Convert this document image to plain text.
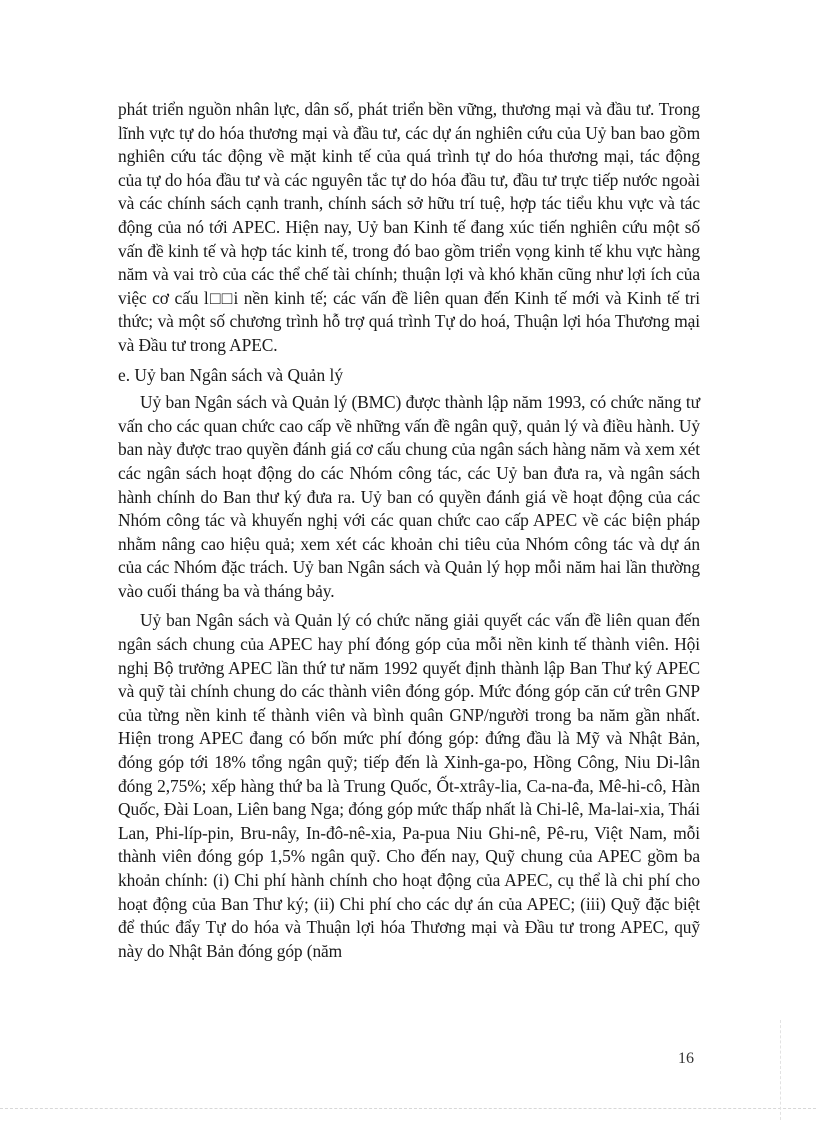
phát triển nguồn nhân lực, dân số, phát triển bền vững, thương mại và đầu tư. Trong lĩnh vực tự do hóa thương mại và đầu tư, các dự án nghiên cứu của Uỷ ban bao gồm nghiên cứu tác động về mặt kinh tế của quá trình tự do hóa thương mại, tác động của tự do hóa đầu tư và các nguyên tắc tự do hóa đầu tư, đầu tư trực tiếp nước ngoài và các chính sách cạnh tranh, chính sách sở hữu trí tuệ, hợp tác tiểu khu vực và tác động của nó tới APEC. Hiện nay, Uỷ ban Kinh tế đang xúc tiến nghiên cứu một số vấn đề kinh tế và hợp tác kinh tế, trong đó bao gồm triển vọng kinh tế khu vực hàng năm và vai trò của các thể chế tài chính; thuận lợi và khó khăn cũng như lợi ích của việc cơ cấu l□□i nền kinh tế; các vấn đề liên quan đến Kinh tế mới và Kinh tế tri thức; và một số chương trình hỗ trợ quá trình Tự do hoá, Thuận lợi hóa Thương mại và Đầu tư trong APEC.

e. Uỷ ban Ngân sách và Quản lý

Uỷ ban Ngân sách và Quản lý (BMC) được thành lập năm 1993, có chức năng tư vấn cho các quan chức cao cấp về những vấn đề ngân quỹ, quản lý và điều hành. Uỷ ban này được trao quyền đánh giá cơ cấu chung của ngân sách hàng năm và xem xét các ngân sách hoạt động do các Nhóm công tác, các Uỷ ban đưa ra, và ngân sách hành chính do Ban thư ký đưa ra. Uỷ ban có quyền đánh giá về hoạt động của các Nhóm công tác và khuyến nghị với các quan chức cao cấp APEC về các biện pháp nhằm nâng cao hiệu quả; xem xét các khoản chi tiêu của Nhóm công tác và dự án của các Nhóm đặc trách. Uỷ ban Ngân sách và Quản lý họp mỗi năm hai lần thường vào cuối tháng ba và tháng bảy.

Uỷ ban Ngân sách và Quản lý có chức năng giải quyết các vấn đề liên quan đến ngân sách chung của APEC hay phí đóng góp của mỗi nền kinh tế thành viên. Hội nghị Bộ trưởng APEC lần thứ tư năm 1992 quyết định thành lập Ban Thư ký APEC và quỹ tài chính chung do các thành viên đóng góp. Mức đóng góp căn cứ trên GNP của từng nền kinh tế thành viên và bình quân GNP/người trong ba năm gần nhất. Hiện trong APEC đang có bốn mức phí đóng góp: đứng đầu là Mỹ và Nhật Bản, đóng góp tới 18% tổng ngân quỹ; tiếp đến là Xinh-ga-po, Hồng Công, Niu Di-lân đóng 2,75%; xếp hàng thứ ba là Trung Quốc, Ốt-xtrây-lia, Ca-na-đa, Mê-hi-cô, Hàn Quốc, Đài Loan, Liên bang Nga; đóng góp mức thấp nhất là Chi-lê, Ma-lai-xia, Thái Lan, Phi-líp-pin, Bru-nây, In-đô-nê-xia, Pa-pua Niu Ghi-nê, Pê-ru, Việt Nam, mỗi thành viên đóng góp 1,5% ngân quỹ. Cho đến nay, Quỹ chung của APEC gồm ba khoản chính: (i) Chi phí hành chính cho hoạt động của APEC, cụ thể là chi phí cho hoạt động của Ban Thư ký; (ii) Chi phí cho các dự án của APEC; (iii) Quỹ đặc biệt để thúc đẩy Tự do hóa và Thuận lợi hóa Thương mại và Đầu tư trong APEC, quỹ này do Nhật Bản đóng góp (năm

16
